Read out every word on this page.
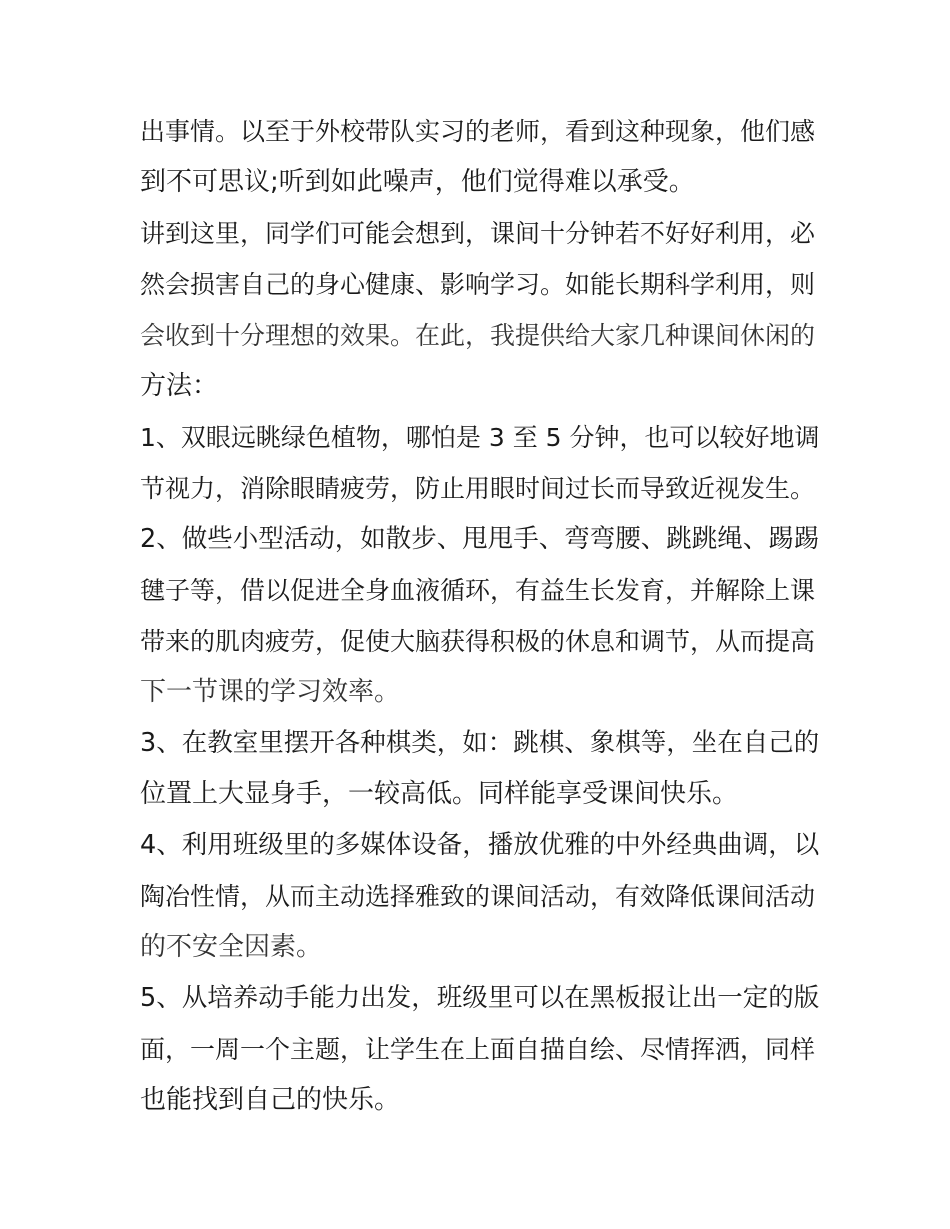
出事情。以至于外校带队实习的老师，看到这种现象，他们感
到不可思议;听到如此噪声，他们觉得难以承受。
讲到这里，同学们可能会想到，课间十分钟若不好好利用，必
然会损害自己的身心健康、影响学习。如能长期科学利用，则
会收到十分理想的效果。在此，我提供给大家几种课间休闲的
方法：
1、双眼远眺绿色植物，哪怕是 3 至 5 分钟，也可以较好地调
节视力，消除眼睛疲劳，防止用眼时间过长而导致近视发生。
2、做些小型活动，如散步、甩甩手、弯弯腰、跳跳绳、踢踢
毽子等，借以促进全身血液循环，有益生长发育，并解除上课
带来的肌肉疲劳，促使大脑获得积极的休息和调节，从而提高
下一节课的学习效率。
3、在教室里摆开各种棋类，如：跳棋、象棋等，坐在自己的
位置上大显身手，一较高低。同样能享受课间快乐。
4、利用班级里的多媒体设备，播放优雅的中外经典曲调，以
陶冶性情，从而主动选择雅致的课间活动，有效降低课间活动
的不安全因素。
5、从培养动手能力出发，班级里可以在黑板报让出一定的版
面，一周一个主题，让学生在上面自描自绘、尽情挥洒，同样
也能找到自己的快乐。
